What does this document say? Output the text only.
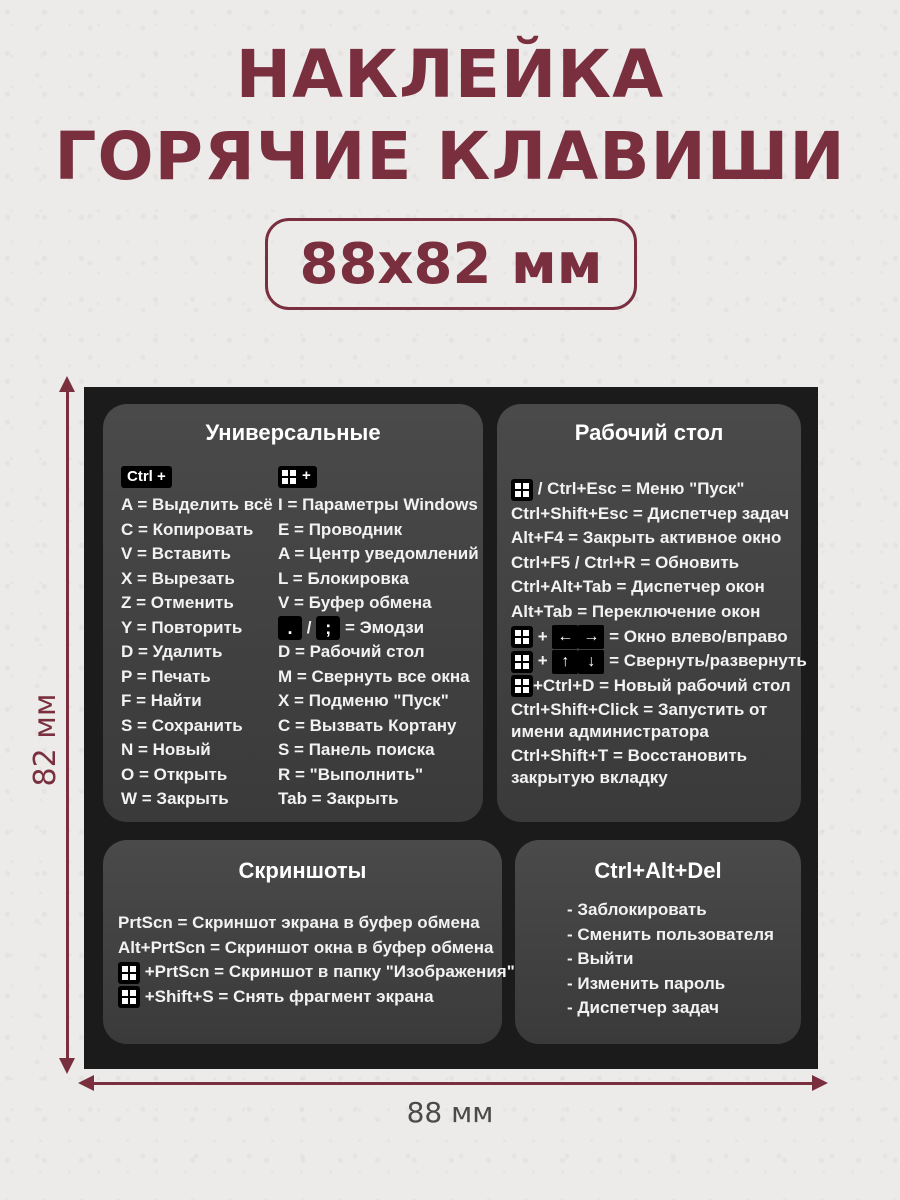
НАКЛЕЙКА
ГОРЯЧИЕ КЛАВИШИ
88x82 мм
82 мм
88 мм
Универсальные
Ctrl +
A = Выделить всё
C = Копировать
V = Вставить
X = Вырезать
Z = Отменить
Y = Повторить
D = Удалить
P = Печать
F = Найти
S = Сохранить
N = Новый
O = Открыть
W = Закрыть
+
I = Параметры Windows
E = Проводник
A = Центр уведомлений
L = Блокировка
V = Буфер обмена
. / ; = Эмодзи
D = Рабочий стол
M = Свернуть все окна
X = Подменю "Пуск"
C = Вызвать Кортану
S = Панель поиска
R = "Выполнить"
Tab = Закрыть
Рабочий стол
/ Ctrl+Esc = Меню "Пуск"
Ctrl+Shift+Esc = Диспетчер задач
Alt+F4 = Закрыть активное окно
Ctrl+F5 / Ctrl+R = Обновить
Ctrl+Alt+Tab = Диспетчер окон
Alt+Tab = Переключение окон
+ ← → = Окно влево/вправо
+ ↑ ↓ = Свернуть/развернуть
+Ctrl+D = Новый рабочий стол
Ctrl+Shift+Click = Запустить от
имени администратора
Ctrl+Shift+T = Восстановить
закрытую вкладку
Скриншоты
PrtScn = Скриншот экрана в буфер обмена
Alt+PrtScn = Скриншот окна в буфер обмена
+PrtScn = Скриншот в папку "Изображения"
+Shift+S = Снять фрагмент экрана
Ctrl+Alt+Del
- Заблокировать
- Сменить пользователя
- Выйти
- Изменить пароль
- Диспетчер задач
